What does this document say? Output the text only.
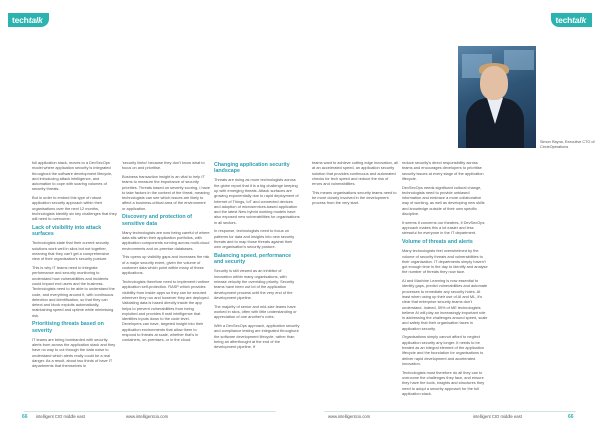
techtalk
66 intelligent CIO middle east	www.intelligentcio.com
techtalk
www.intelligentcio.com	intelligent CIO middle east	66
Simon Rayna, Executive CTO of CircleOperations

full application stack, moves to a DevSecOps model where application security is integrated throughout the software development lifecycle, and introducing attack intelligence, and automation to cope with soaring volumes of security threats.

But in order to embed this type of robust application security approach within their organisations over the next 12 months, technologists identify six key challenges that they will need to overcome:

Lack of visibility into attack surfaces

Technologists state that their current security solutions work well in silos but not together, meaning that they can't get a comprehensive view of their organisation's security posture.

This is why IT teams need to integrate performance and security monitoring to understand how vulnerabilities and incidents could impact end users and the business. Technologists need to be able to understand the code, and everything around it, with continuous detection and identification, so that they can detect and block exploits automatically, maintaining speed and uptime while minimising risk.

Prioritising threats based on severity

IT teams are being bombarded with security alerts from across the application stack and they have no way to cut through the data noise to understand which alerts really could be a real danger. As a result, about two thirds of have IT departments that themselves in

'security limbo' because they don't know what to focus on and prioritise.

Business transaction insight is an vital to help IT teams to measure the importance of security priorities. Threats based on severity scoring, I have to take factors in the context of the threat, meaning technologists can see which issues are likely to affect a business-critical area of the environment or application.

Discovery and protection of sensitive data

Many technologists are now being careful of where data sits within their application portfolios, with application components running across multi-cloud environments and on-premise databases.

This opens up visibility gaps and increases the risk of a major security event, given the volume of customer data which point within many of these applications.

Technologists therefore need to implement runtime application self-protection. RASP which provides visibility from inside apps so they can be secured wherever they run and however they are deployed. Validating data is based directly inside the app helps to prevent vulnerabilities from being exploited and provides fi mail intelligence that identifies inputs down to the code level. Developers can have, targeted insight into their application environments that allow them to respond to threats at scale, whether that's in containers, on-premises, or in the cloud.

Changing application security landscape

Threats are rising as more technologists across the globe report that it is a big challenge keeping up with emerging threats. Attack surfaces are growing exponentially due to rapid deployment of Internet of Things, IoT and connected devices and adoption of microservices-based application and the latest New hybrid working models have also exposed new vulnerabilities for organisations in all sectors.

In response, technologists need to focus on patterns for data and insights into new security threats and to map those threats against their own organisation's security posture.

Balancing speed, performance and security

Security is still viewed as an inhibitor of innovation within many organisations, with release velocity the overriding priority. Security teams have been out lot of the application development process until the very end of the development pipeline.

The majority of senior and mid-size teams have worked in silos, often with little understanding or appreciation of one another's roles.

With a DevSecOps approach, application security and compliance testing are integrated throughout the software development lifecycle, rather than being an afterthought at the end of the development pipeline. If

teams want to achieve cutting edge innovation, all at an accelerated speed, an application security solution that provides continuous and automated checks for tech speed and reduce the risk of errors and vulnerabilities.

This means organisations security teams need to be more closely involved in the development process from the very start.

reduce security's direct responsibility across teams and encourages developers to prioritise security issues at every stage of the application lifecycle.

DevSecOps needs significant cultural change, technologists need to provide unbiased information and embrace a more collaborative way of working, as well as developing new skills and knowledge outside of their own specific discipline.

It seems it concerns our theatres, if DevSecOps approach makes this a lot easier and less stressful for everyone in the IT department.

Volume of threats and alerts

Many technologists feel overwhelmed by the volume of security threats and vulnerabilities to their organisation. IT departments simply haven't got enough time in the day to identify and analyse the number of threats they now face.

AI and Machine Learning is now essential to identify gaps, predict vulnerabilities and automate processes to remediate any security holes. At least when using up their use of AI and ML, it's clear that enterprise security teams don't understand. Indeed, 59% of ME technologists believe AI will play an increasingly important role in addressing the challenges around speed, scale and safety that their organisation faces in application security.

Organisations simply cannot afford to neglect application security any longer. It needs to be treated as an integral element of the application lifecycle and the foundation for organisations to deliver rapid development and accelerated innovation.

Technologists must therefore do all they can to overcome the challenges they face, and ensure they have the tools, insights and structures they need to adopt a security approach for the full application stack.
